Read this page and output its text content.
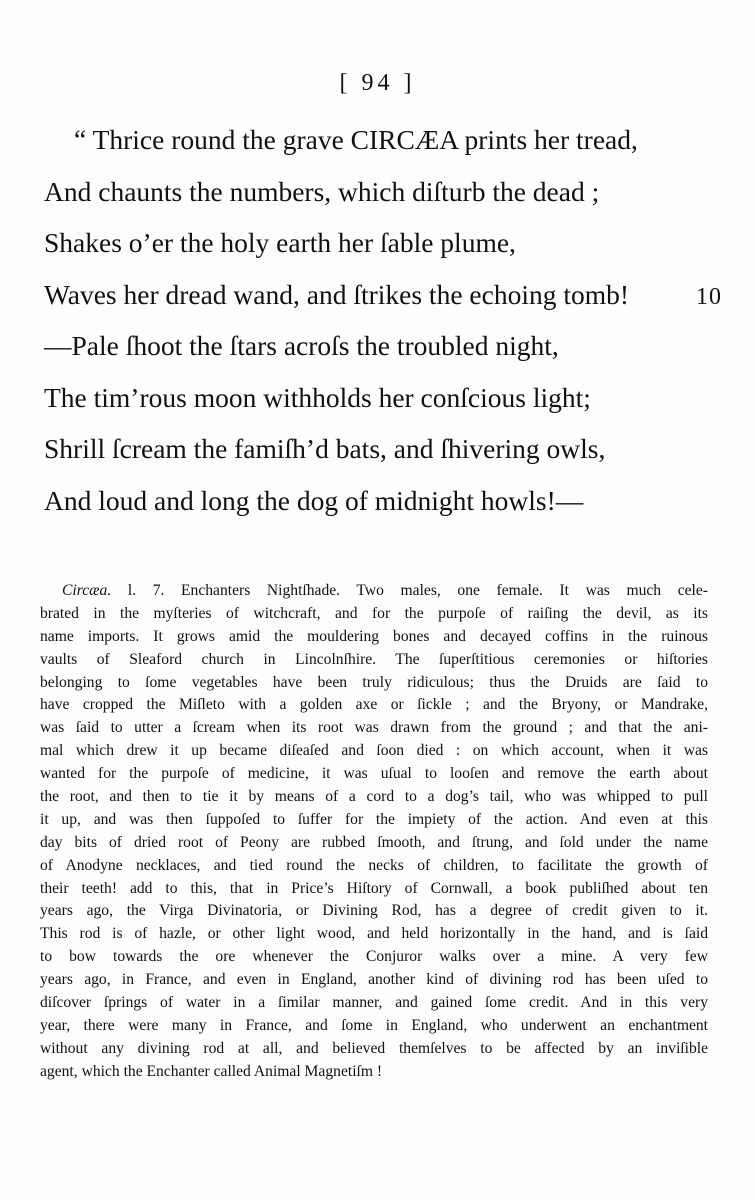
[ 94 ]
“ Thrice round the grave CIRCÆA prints her tread,
And chaunts the numbers, which diſturb the dead ;
Shakes o’er the holy earth her ſable plume,
Waves her dread wand, and ſtrikes the echoing tomb!	10
—Pale ſhoot the ſtars acroſs the troubled night,
The tim’rous moon withholds her conſcious light;
Shrill ſcream the famiſh’d bats, and ſhivering owls,
And loud and long the dog of midnight howls!—
Circæa. l. 7. Enchanters Nightſhade. Two males, one female. It was much cele-
brated in the myſteries of witchcraft, and for the purpoſe of raiſing the devil, as its
name imports. It grows amid the mouldering bones and decayed coffins in the ruinous
vaults of Sleaford church in Lincolnſhire. The ſuperſtitious ceremonies or hiſtories
belonging to ſome vegetables have been truly ridiculous; thus the Druids are ſaid to
have cropped the Miſleto with a golden axe or ſickle ; and the Bryony, or Mandrake,
was ſaid to utter a ſcream when its root was drawn from the ground ; and that the ani-
mal which drew it up became diſeaſed and ſoon died : on which account, when it was
wanted for the purpoſe of medicine, it was uſual to looſen and remove the earth about
the root, and then to tie it by means of a cord to a dog’s tail, who was whipped to pull
it up, and was then ſuppoſed to ſuffer for the impiety of the action. And even at this
day bits of dried root of Peony are rubbed ſmooth, and ſtrung, and ſold under the name
of Anodyne necklaces, and tied round the necks of children, to facilitate the growth of
their teeth! add to this, that in Price’s Hiſtory of Cornwall, a book publiſhed about ten
years ago, the Virga Divinatoria, or Divining Rod, has a degree of credit given to it.
This rod is of hazle, or other light wood, and held horizontally in the hand, and is ſaid
to bow towards the ore whenever the Conjuror walks over a mine. A very few
years ago, in France, and even in England, another kind of divining rod has been uſed to
diſcover ſprings of water in a ſimilar manner, and gained ſome credit. And in this very
year, there were many in France, and ſome in England, who underwent an enchantment
without any divining rod at all, and believed themſelves to be affected by an inviſible
agent, which the Enchanter called Animal Magnetiſm !
